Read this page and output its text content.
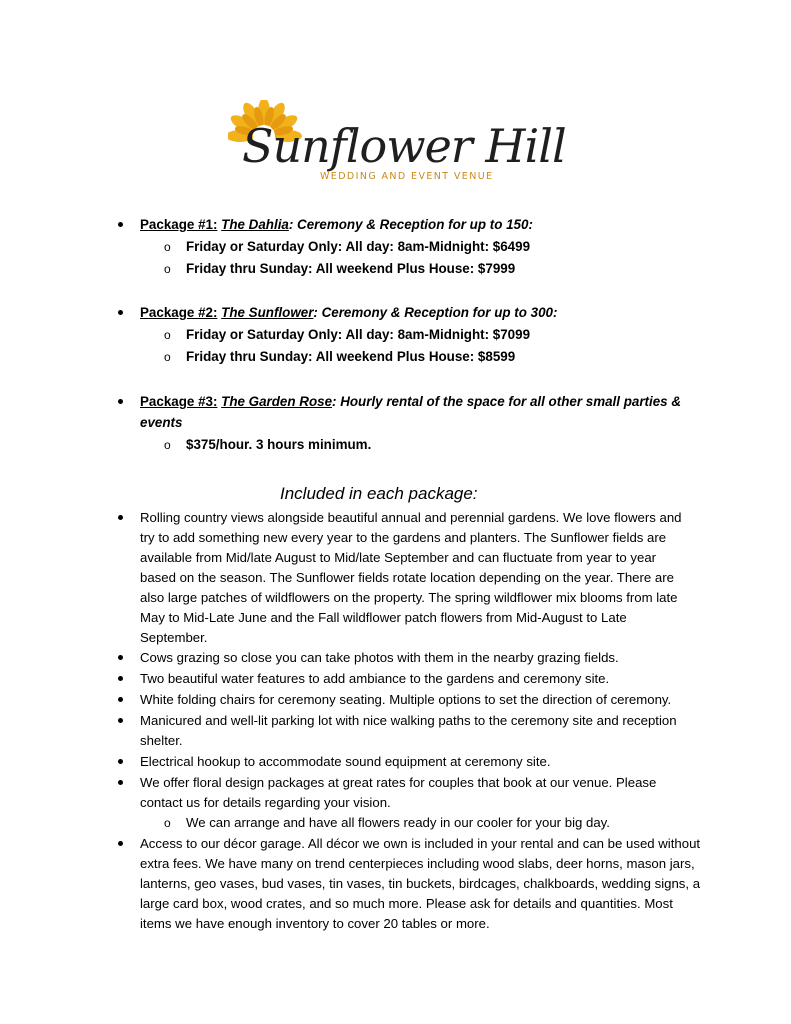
Sunflower Hill
WEDDING AND EVENT VENUE
Package #1: The Dahlia: Ceremony & Reception for up to 150:
o Friday or Saturday Only: All day: 8am-Midnight: $6499
o Friday thru Sunday: All weekend Plus House: $7999
Package #2: The Sunflower: Ceremony & Reception for up to 300:
o Friday or Saturday Only: All day: 8am-Midnight: $7099
o Friday thru Sunday: All weekend Plus House: $8599
Package #3: The Garden Rose: Hourly rental of the space for all other small parties &
events
o $375/hour. 3 hours minimum.
Included in each package:
Rolling country views alongside beautiful annual and perennial gardens. We love flowers and
try to add something new every year to the gardens and planters. The Sunflower fields are
available from Mid/late August to Mid/late September and can fluctuate from year to year
based on the season. The Sunflower fields rotate location depending on the year. There are
also large patches of wildflowers on the property. The spring wildflower mix blooms from late
May to Mid-Late June and the Fall wildflower patch flowers from Mid-August to Late
September.
Cows grazing so close you can take photos with them in the nearby grazing fields.
Two beautiful water features to add ambiance to the gardens and ceremony site.
White folding chairs for ceremony seating. Multiple options to set the direction of ceremony.
Manicured and well-lit parking lot with nice walking paths to the ceremony site and reception
shelter.
Electrical hookup to accommodate sound equipment at ceremony site.
We offer floral design packages at great rates for couples that book at our venue. Please
contact us for details regarding your vision.
o We can arrange and have all flowers ready in our cooler for your big day.
Access to our décor garage. All décor we own is included in your rental and can be used without
extra fees. We have many on trend centerpieces including wood slabs, deer horns, mason jars,
lanterns, geo vases, bud vases, tin vases, tin buckets, birdcages, chalkboards, wedding signs, a
large card box, wood crates, and so much more. Please ask for details and quantities. Most
items we have enough inventory to cover 20 tables or more.
